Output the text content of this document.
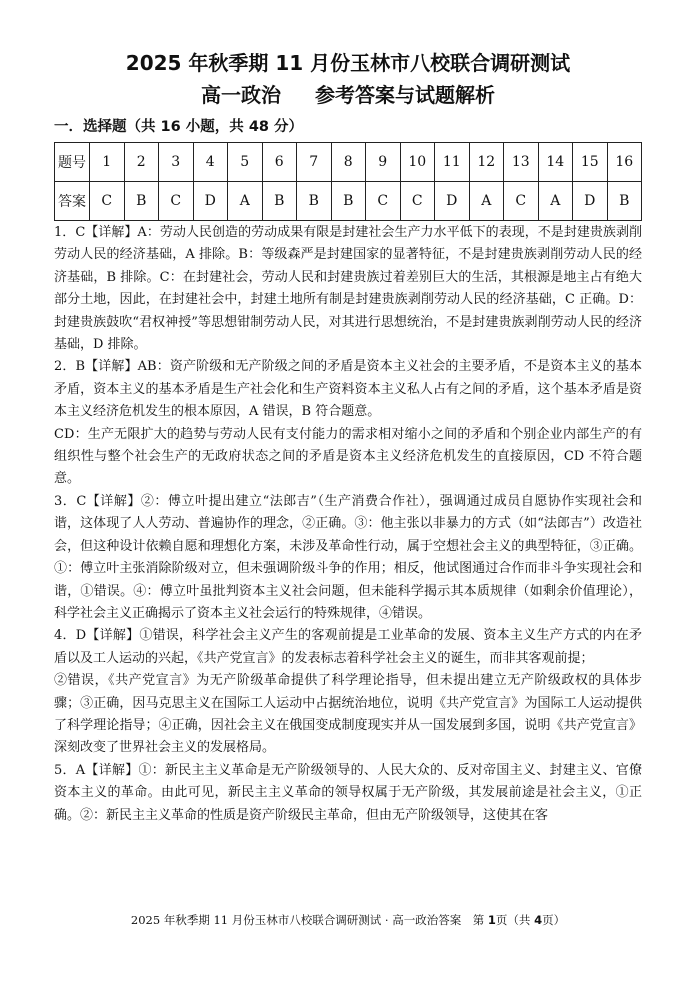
2025 年秋季期 11 月份玉林市八校联合调研测试
高一政治 参考答案与试题解析
一．选择题（共 16 小题，共 48 分）
题号	1	2	3	4	5	6	7	8	9	10	11	12	13	14	15	16
答案	C	B	C	D	A	B	B	B	C	C	D	A	C	A	D	B

1．C【详解】A：劳动人民创造的劳动成果有限是封建社会生产力水平低下的表现，不是封建贵族剥削劳动人民的经济基础，A 排除。B：等级森严是封建国家的显著特征，不是封建贵族剥削劳动人民的经济基础，B 排除。C：在封建社会，劳动人民和封建贵族过着差别巨大的生活，其根源是地主占有绝大部分土地，因此，在封建社会中，封建土地所有制是封建贵族剥削劳动人民的经济基础，C 正确。D：封建贵族鼓吹“君权神授”等思想钳制劳动人民，对其进行思想统治，不是封建贵族剥削劳动人民的经济基础，D 排除。

2．B【详解】AB：资产阶级和无产阶级之间的矛盾是资本主义社会的主要矛盾，不是资本主义的基本矛盾，资本主义的基本矛盾是生产社会化和生产资料资本主义私人占有之间的矛盾，这个基本矛盾是资本主义经济危机发生的根本原因，A 错误，B 符合题意。

CD：生产无限扩大的趋势与劳动人民有支付能力的需求相对缩小之间的矛盾和个别企业内部生产的有组织性与整个社会生产的无政府状态之间的矛盾是资本主义经济危机发生的直接原因，CD 不符合题意。

3．C【详解】②：傅立叶提出建立“法郎吉”（生产消费合作社），强调通过成员自愿协作实现社会和谐，这体现了人人劳动、普遍协作的理念，②正确。③：他主张以非暴力的方式（如“法郎吉”）改造社会，但这种设计依赖自愿和理想化方案，未涉及革命性行动，属于空想社会主义的典型特征，③正确。①：傅立叶主张消除阶级对立，但未强调阶级斗争的作用；相反，他试图通过合作而非斗争实现社会和谐，①错误。④：傅立叶虽批判资本主义社会问题，但未能科学揭示其本质规律（如剩余价值理论），科学社会主义正确揭示了资本主义社会运行的特殊规律，④错误。

4．D【详解】①错误，科学社会主义产生的客观前提是工业革命的发展、资本主义生产方式的内在矛盾以及工人运动的兴起，《共产党宣言》的发表标志着科学社会主义的诞生，而非其客观前提；

②错误，《共产党宣言》为无产阶级革命提供了科学理论指导，但未提出建立无产阶级政权的具体步骤；③正确，因马克思主义在国际工人运动中占据统治地位，说明《共产党宣言》为国际工人运动提供了科学理论指导；④正确，因社会主义在俄国变成制度现实并从一国发展到多国，说明《共产党宣言》深刻改变了世界社会主义的发展格局。

5．A【详解】①：新民主主义革命是无产阶级领导的、人民大众的、反对帝国主义、封建主义、官僚资本主义的革命。由此可见，新民主主义革命的领导权属于无产阶级，其发展前途是社会主义，①正确。②：新民主主义革命的性质是资产阶级民主革命，但由无产阶级领导，这使其在客

2025 年秋季期 11 月份玉林市八校联合调研测试 · 高一政治答案　第 1页（共 4页）
